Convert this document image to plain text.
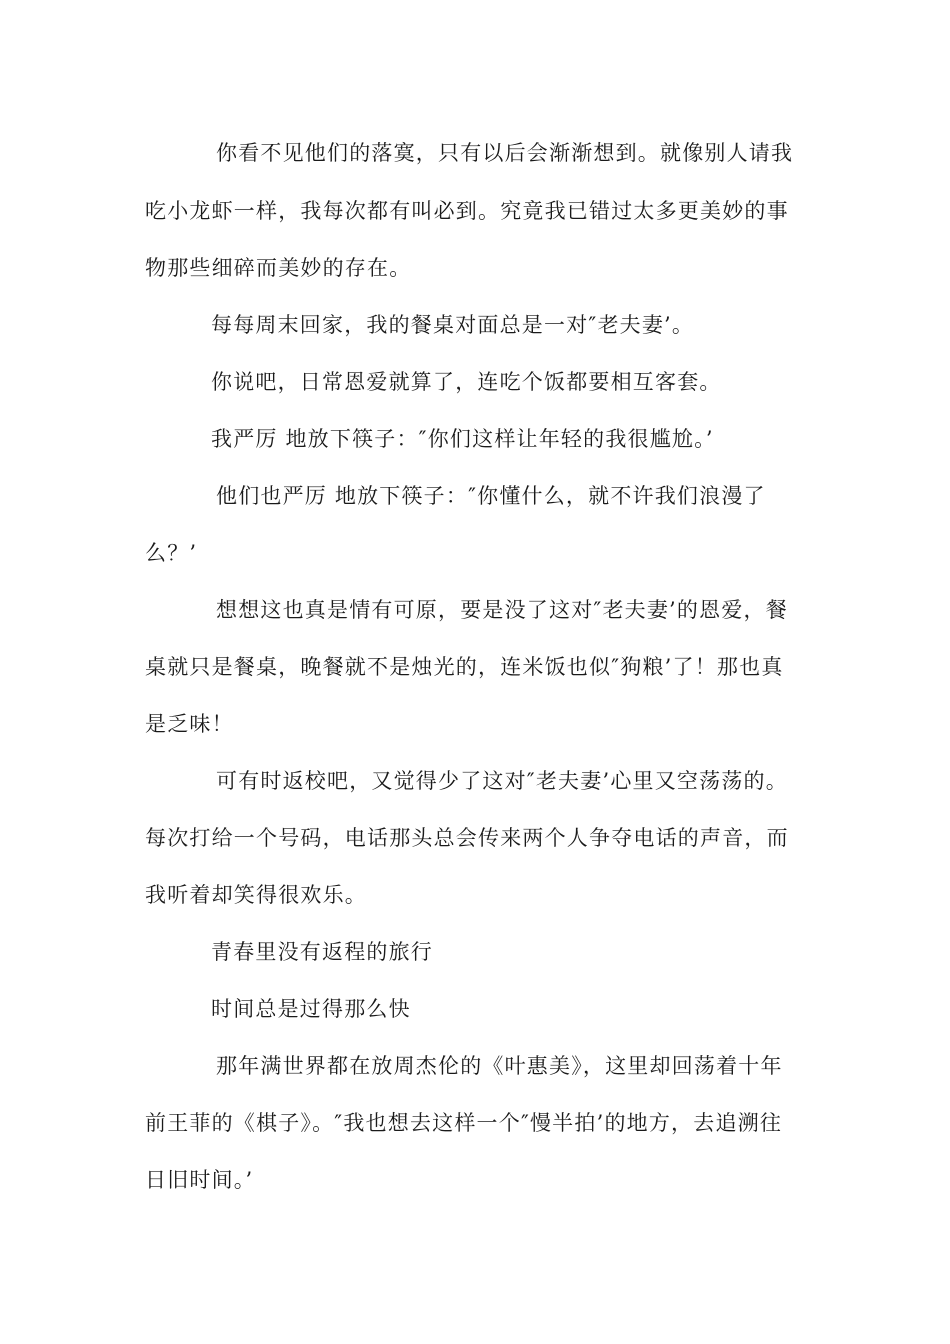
你看不见他们的落寞，只有以后会渐渐想到。就像别人请我
吃小龙虾一样，我每次都有叫必到。究竟我已错过太多更美妙的事
物那些细碎而美妙的存在。
每每周末回家，我的餐桌对面总是一对″老夫妻’。
你说吧，日常恩爱就算了，连吃个饭都要相互客套。
我严厉 地放下筷子：″你们这样让年轻的我很尴尬。’
他们也严厉 地放下筷子：″你懂什么，就不许我们浪漫了
么？’
想想这也真是情有可原，要是没了这对″老夫妻’的恩爱，餐
桌就只是餐桌，晚餐就不是烛光的，连米饭也似″狗粮’了！那也真
是乏味！
可有时返校吧，又觉得少了这对″老夫妻’心里又空荡荡的。
每次打给一个号码，电话那头总会传来两个人争夺电话的声音，而
我听着却笑得很欢乐。
青春里没有返程的旅行
时间总是过得那么快
那年满世界都在放周杰伦的《叶惠美》，这里却回荡着十年
前王菲的《棋子》。″我也想去这样一个″慢半拍’的地方，去追溯往
日旧时间。’
